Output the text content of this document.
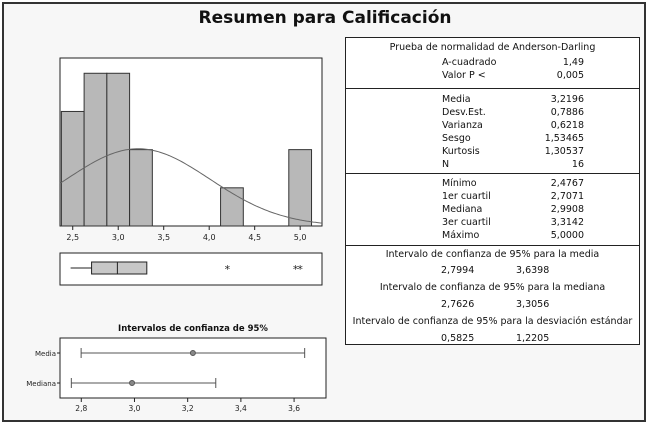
Resumen para Calificación
2,5	3,0	3,5	4,0	4,5	5,0
*	* *
Intervalos de confianza de 95%
Media
Mediana
2,8	3,0	3,2	3,4	3,6
Prueba de normalidad de Anderson-Darling
A-cuadrado	1,49
Valor P <	0,005
Media	3,2196
Desv.Est.	0,7886
Varianza	0,6218
Sesgo	1,53465
Kurtosis	1,30537
N	16
Mínimo	2,4767
1er cuartil	2,7071
Mediana	2,9908
3er cuartil	3,3142
Máximo	5,0000
Intervalo de confianza de 95% para la media
2,7994	3,6398
Intervalo de confianza de 95% para la mediana
2,7626	3,3056
Intervalo de confianza de 95% para la desviación estándar
0,5825	1,2205
